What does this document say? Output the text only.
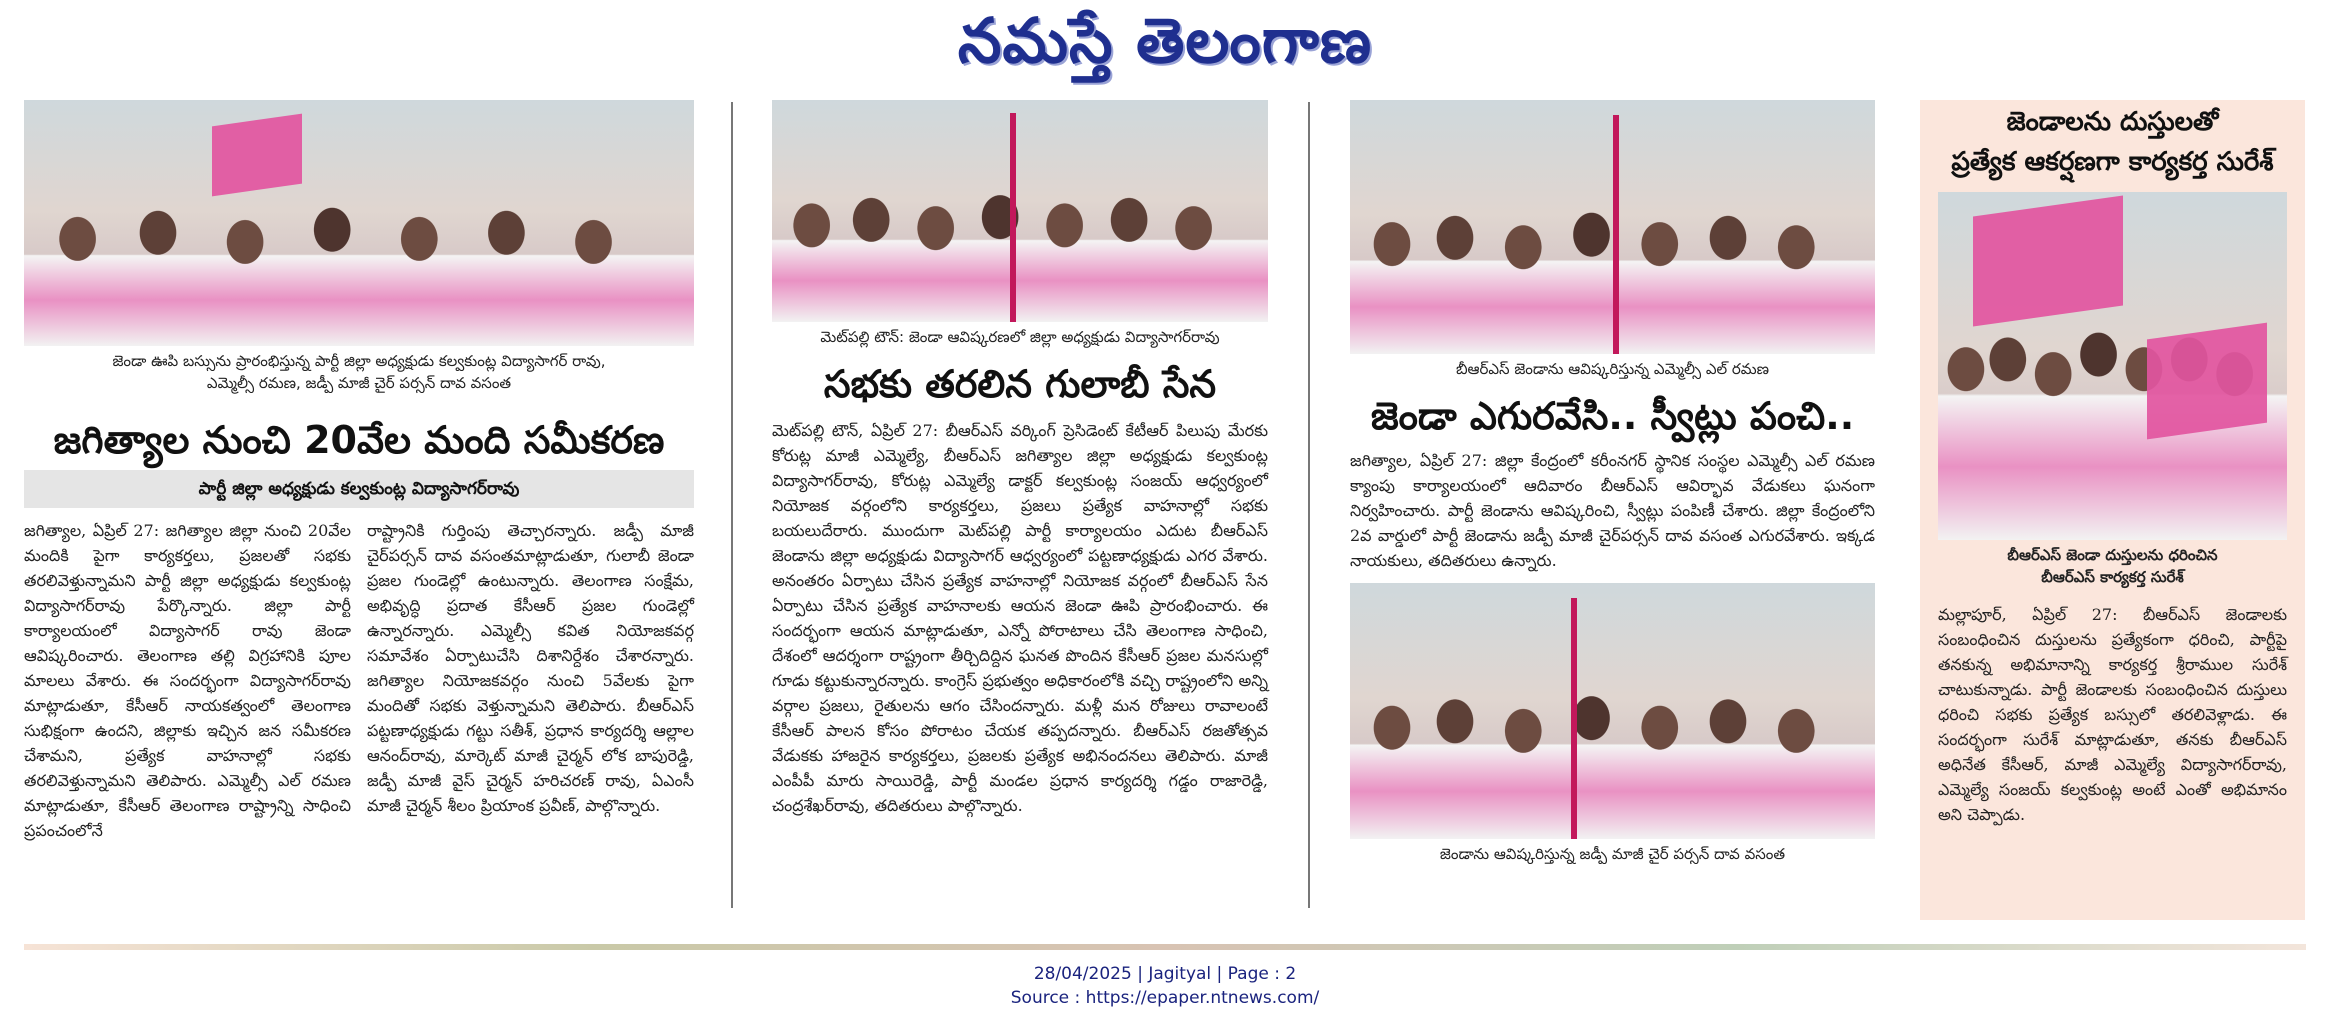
నమస్తే తెలంగాణ
జెండా ఊపి బస్సును ప్రారంభిస్తున్న పార్టీ జిల్లా అధ్యక్షుడు కల్వకుంట్ల విద్యాసాగర్ రావు,
ఎమ్మెల్సీ రమణ, జడ్పీ మాజీ చైర్ పర్సన్ దావ వసంత
జగిత్యాల నుంచి 20వేల మంది సమీకరణ
పార్టీ జిల్లా అధ్యక్షుడు కల్వకుంట్ల విద్యాసాగర్‌రావు
జగిత్యాల, ఏప్రిల్ 27: జగిత్యాల జిల్లా నుంచి 20వేల మందికి పైగా కార్యకర్తలు, ప్రజలతో సభకు తరలివెళ్తున్నామని పార్టీ జిల్లా అధ్యక్షుడు కల్వకుంట్ల విద్యాసాగర్‌రావు పేర్కొన్నారు. జిల్లా పార్టీ కార్యాలయంలో విద్యాసాగర్ రావు జెండా ఆవిష్కరించారు. తెలంగాణ తల్లి విగ్రహానికి పూల మాలలు వేశారు. ఈ సందర్భంగా విద్యాసాగర్‌రావు మాట్లాడుతూ, కేసీఆర్ నాయకత్వంలో తెలంగాణ సుభిక్షంగా ఉందని, జిల్లాకు ఇచ్చిన జన సమీకరణ చేశామని, ప్రత్యేక వాహనాల్లో సభకు తరలివెళ్తున్నామని తెలిపారు. ఎమ్మెల్సీ ఎల్ రమణ మాట్లాడుతూ, కేసీఆర్ తెలంగాణ రాష్ట్రాన్ని సాధించి ప్రపంచంలోనే
రాష్ట్రానికి గుర్తింపు తెచ్చారన్నారు. జడ్పీ మాజీ చైర్‌పర్సన్ దావ వసంతమాట్లాడుతూ, గులాబీ జెండా ప్రజల గుండెల్లో ఉంటున్నారు. తెలంగాణ సంక్షేమ, అభివృద్ధి ప్రదాత కేసీఆర్ ప్రజల గుండెల్లో ఉన్నారన్నారు. ఎమ్మెల్సీ కవిత నియోజకవర్గ సమావేశం ఏర్పాటుచేసి దిశానిర్దేశం చేశారన్నారు. జగిత్యాల నియోజకవర్గం నుంచి 5వేలకు పైగా మందితో సభకు వెళ్తున్నామని తెలిపారు. బీఆర్‌ఎస్ పట్టణాధ్యక్షుడు గట్టు సతీశ్, ప్రధాన కార్యదర్శి ఆల్లాల ఆనంద్‌రావు, మార్కెట్ మాజీ చైర్మన్ లోక బాపురెడ్డి, జడ్పీ మాజీ వైస్ చైర్మన్ హరిచరణ్ రావు, ఏఎంసీ మాజీ చైర్మన్ శీలం ప్రియాంక ప్రవీణ్, పాల్గొన్నారు.
మెట్‌పల్లి టౌన్: జెండా ఆవిష్కరణలో జిల్లా అధ్యక్షుడు విద్యాసాగర్‌రావు
సభకు తరలిన గులాబీ సేన
మెట్‌పల్లి టౌన్, ఏప్రిల్ 27: బీఆర్‌ఎస్ వర్కింగ్ ప్రెసిడెంట్ కేటీఆర్ పిలుపు మేరకు కోరుట్ల మాజీ ఎమ్మెల్యే, బీఆర్‌ఎస్ జగిత్యాల జిల్లా అధ్యక్షుడు కల్వకుంట్ల విద్యాసాగర్‌రావు, కోరుట్ల ఎమ్మెల్యే డాక్టర్ కల్వకుంట్ల సంజయ్ ఆధ్వర్యంలో నియోజక వర్గంలోని కార్యకర్తలు, ప్రజలు ప్రత్యేక వాహనాల్లో సభకు బయలుదేరారు. ముందుగా మెట్‌పల్లి పార్టీ కార్యాలయం ఎదుట బీఆర్‌ఎస్ జెండాను జిల్లా అధ్యక్షుడు విద్యాసాగర్ ఆధ్వర్యంలో పట్టణాధ్యక్షుడు ఎగర వేశారు. అనంతరం ఏర్పాటు చేసిన ప్రత్యేక వాహనాల్లో నియోజక వర్గంలో బీఆర్‌ఎస్ సేన ఏర్పాటు చేసిన ప్రత్యేక వాహనాలకు ఆయన జెండా ఊపి ప్రారంభించారు. ఈ సందర్భంగా ఆయన మాట్లాడుతూ, ఎన్నో పోరాటాలు చేసి తెలంగాణ సాధించి, దేశంలో ఆదర్శంగా రాష్ట్రంగా తీర్చిదిద్దిన ఘనత పొందిన కేసీఆర్ ప్రజల మనసుల్లో గూడు కట్టుకున్నారన్నారు. కాంగ్రెస్ ప్రభుత్వం అధికారంలోకి వచ్చి రాష్ట్రంలోని అన్ని వర్గాల ప్రజలు, రైతులను ఆగం చేసిందన్నారు. మళ్లీ మన రోజులు రావాలంటే కేసీఆర్ పాలన కోసం పోరాటం చేయక తప్పదన్నారు. బీఆర్‌ఎస్ రజతోత్సవ వేడుకకు హాజరైన కార్యకర్తలు, ప్రజలకు ప్రత్యేక అభినందనలు తెలిపారు. మాజీ ఎంపీపీ మారు సాయిరెడ్డి, పార్టీ మండల ప్రధాన కార్యదర్శి గడ్డం రాజారెడ్డి, చంద్రశేఖర్‌రావు, తదితరులు పాల్గొన్నారు.
బీఆర్‌ఎస్ జెండాను ఆవిష్కరిస్తున్న ఎమ్మెల్సీ ఎల్ రమణ
జెండా ఎగురవేసి.. స్వీట్లు పంచి..
జగిత్యాల, ఏప్రిల్ 27: జిల్లా కేంద్రంలో కరీంనగర్ స్థానిక సంస్థల ఎమ్మెల్సీ ఎల్ రమణ క్యాంపు కార్యాలయంలో ఆదివారం బీఆర్‌ఎస్ ఆవిర్భావ వేడుకలు ఘనంగా నిర్వహించారు. పార్టీ జెండాను ఆవిష్కరించి, స్వీట్లు పంపిణీ చేశారు. జిల్లా కేంద్రంలోని 2వ వార్డులో పార్టీ జెండాను జడ్పీ మాజీ చైర్‌పర్సన్ దావ వసంత ఎగురవేశారు. ఇక్కడ నాయకులు, తదితరులు ఉన్నారు.
జెండాను ఆవిష్కరిస్తున్న జడ్పీ మాజీ చైర్ పర్సన్ దావ వసంత
జెండాలను దుస్తులతో
ప్రత్యేక ఆకర్షణగా కార్యకర్త సురేశ్
బీఆర్‌ఎస్ జెండా దుస్తులను ధరించిన
బీఆర్‌ఎస్ కార్యకర్త సురేశ్
మల్లాపూర్, ఏప్రిల్ 27: బీఆర్‌ఎస్ జెండాలకు సంబంధించిన దుస్తులను ప్రత్యేకంగా ధరించి, పార్టీపై తనకున్న అభిమానాన్ని కార్యకర్త శ్రీరాముల సురేశ్ చాటుకున్నాడు. పార్టీ జెండాలకు సంబంధించిన దుస్తులు ధరించి సభకు ప్రత్యేక బస్సులో తరలివెళ్లాడు. ఈ సందర్భంగా సురేశ్ మాట్లాడుతూ, తనకు బీఆర్‌ఎస్ అధినేత కేసీఆర్, మాజీ ఎమ్మెల్యే విద్యాసాగర్‌రావు, ఎమ్మెల్యే సంజయ్ కల్వకుంట్ల అంటే ఎంతో అభిమానం అని చెప్పాడు.
28/04/2025 | Jagityal | Page : 2
Source : https://epaper.ntnews.com/
